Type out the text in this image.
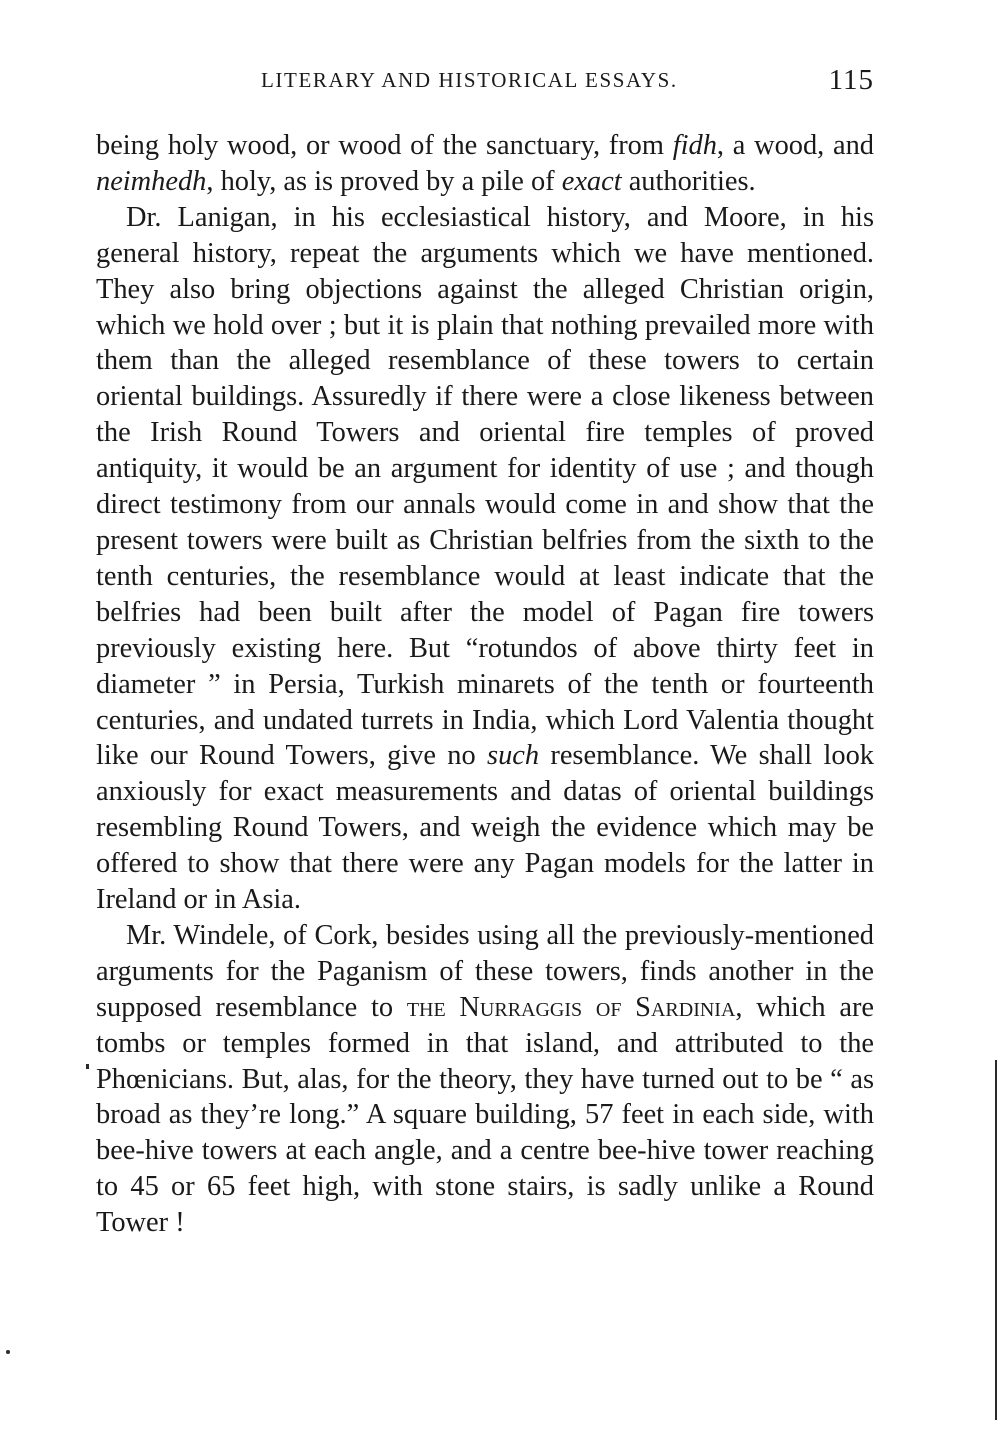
LITERARY AND HISTORICAL ESSAYS.	115

being holy wood, or wood of the sanctuary, from fidh, a wood, and neimhedh, holy, as is proved by a pile of exact authorities.

Dr. Lanigan, in his ecclesiastical history, and Moore, in his general history, repeat the arguments which we have mentioned. They also bring objections against the alleged Christian origin, which we hold over ; but it is plain that nothing prevailed more with them than the alleged resemblance of these towers to certain oriental buildings. Assuredly if there were a close likeness between the Irish Round Towers and oriental fire temples of proved antiquity, it would be an argument for identity of use ; and though direct testimony from our annals would come in and show that the present towers were built as Christian belfries from the sixth to the tenth centuries, the resemblance would at least indicate that the belfries had been built after the model of Pagan fire towers previously existing here. But “rotundos of above thirty feet in diameter ” in Persia, Turkish minarets of the tenth or fourteenth centuries, and undated turrets in India, which Lord Valentia thought like our Round Towers, give no such resemblance. We shall look anxiously for exact measurements and datas of oriental buildings resembling Round Towers, and weigh the evidence which may be offered to show that there were any Pagan models for the latter in Ireland or in Asia.

Mr. Windele, of Cork, besides using all the previously-mentioned arguments for the Paganism of these towers, finds another in the supposed resemblance to the Nurraggis of Sardinia, which are tombs or temples formed in that island, and attributed to the Phœnicians. But, alas, for the theory, they have turned out to be “ as broad as they’re long.” A square building, 57 feet in each side, with bee-hive towers at each angle, and a centre bee-hive tower reaching to 45 or 65 feet high, with stone stairs, is sadly unlike a Round Tower !
